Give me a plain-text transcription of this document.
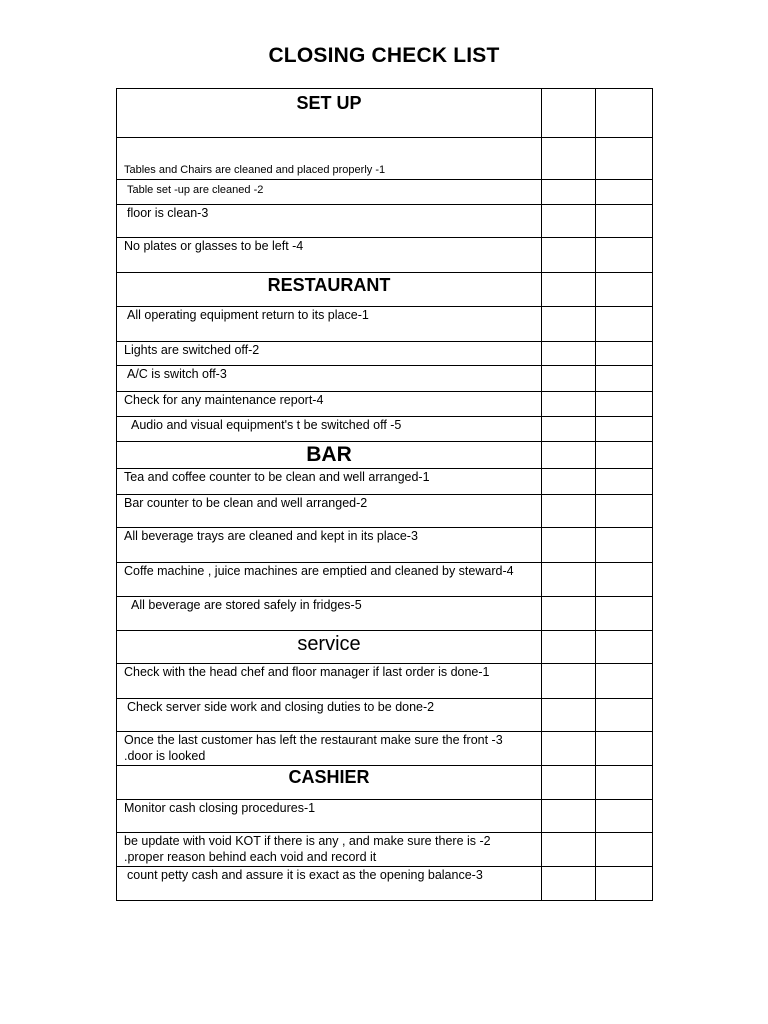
CLOSING CHECK LIST
SET UP		
Tables and Chairs are cleaned and placed properly -1		
Table set -up are cleaned -2		
floor is clean-3		
No plates or glasses to be left -4		
RESTAURANT		
All operating equipment return to its place-1		
Lights are switched off-2		
A/C is switch off-3		
Check for any maintenance report-4		
Audio and visual equipment's t be switched off -5		
BAR		
Tea and coffee counter to be clean and well arranged-1		
Bar counter to be clean and well arranged-2		
All beverage trays are cleaned and kept in its place-3		
Coffe machine , juice machines are emptied and cleaned by steward-4		
All beverage are stored safely in fridges-5		
service		
Check with the head chef and floor manager if last order is done-1		
Check server side work and closing duties to be done-2		

Once the last customer has left the restaurant make sure the front -3
.door is looked		

CASHIER		
Monitor cash closing procedures-1		

be update with void KOT if there is any , and make sure there is -2
.proper reason behind each void and record it		

count petty cash and assure it is exact as the opening balance-3		
